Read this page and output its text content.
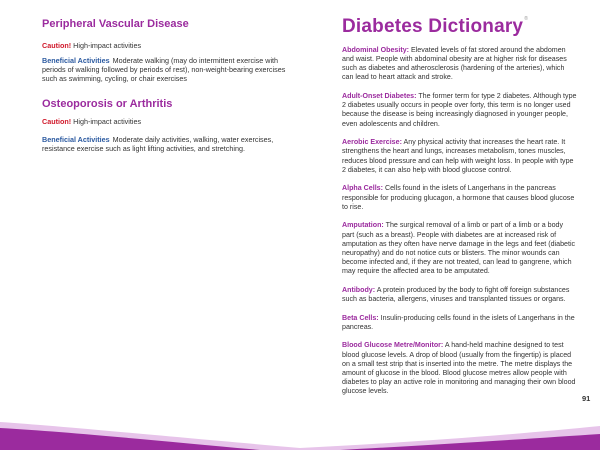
Peripheral Vascular Disease
Caution! High-impact activities
Beneficial Activities Moderate walking (may do intermittent exercise with periods of walking followed by periods of rest), non-weight-bearing exercises such as swimming, cycling, or chair exercises
Osteoporosis or Arthritis
Caution! High-impact activities
Beneficial Activities Moderate daily activities, walking, water exercises, resistance exercise such as light lifting activities, and stretching.
90
Diabetes Dictionary®

Abdominal Obesity: Elevated levels of fat stored around the abdomen and waist. People with abdominal obesity are at higher risk for diseases such as diabetes and atherosclerosis (hardening of the arteries), which can lead to heart attack and stroke.

Adult-Onset Diabetes: The former term for type 2 diabetes. Although type 2 diabetes usually occurs in people over forty, this term is no longer used because the disease is being increasingly diagnosed in younger people, even adolescents and children.

Aerobic Exercise: Any physical activity that increases the heart rate. It strengthens the heart and lungs, increases metabolism, tones muscles, reduces blood pressure and can help with weight loss. In people with type 2 diabetes, it can also help with blood glucose control.

Alpha Cells: Cells found in the islets of Langerhans in the pancreas responsible for producing glucagon, a hormone that causes blood glucose to rise.

Amputation: The surgical removal of a limb or part of a limb or a body part (such as a breast). People with diabetes are at increased risk of amputation as they often have nerve damage in the legs and feet (diabetic neuropathy) and do not notice cuts or blisters. The minor wounds can become infected and, if they are not treated, can lead to gangrene, which may require the affected area to be amputated.

Antibody: A protein produced by the body to fight off foreign substances such as bacteria, allergens, viruses and transplanted tissues or organs.

Beta Cells: Insulin-producing cells found in the islets of Langerhans in the pancreas.

Blood Glucose Metre/Monitor: A hand-held machine designed to test blood glucose levels. A drop of blood (usually from the fingertip) is placed on a small test strip that is inserted into the metre. The metre displays the amount of glucose in the blood. Blood glucose metres allow people with diabetes to play an active role in monitoring and managing their own blood glucose levels.

91
